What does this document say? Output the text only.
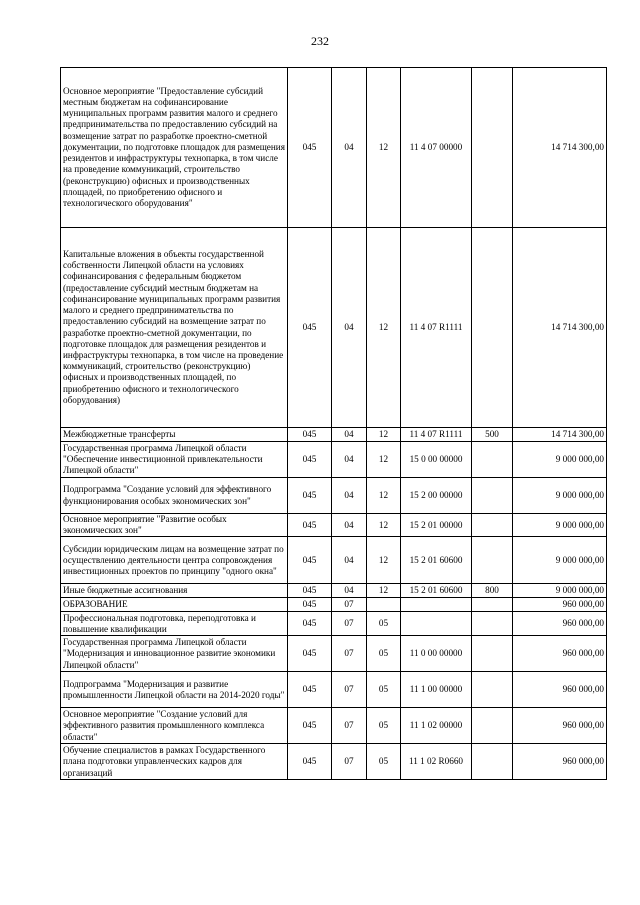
232
Основное мероприятие "Предоставление субсидий местным бюджетам на софинансирование муниципальных программ развития малого и среднего предпринимательства по предоставлению субсидий на возмещение затрат по разработке проектно-сметной документации, по подготовке площадок для размещения резидентов и инфраструктуры технопарка, в том числе на проведение коммуникаций, строительство (реконструкцию) офисных и производственных площадей, по приобретению офисного и технологического оборудования"	045	04	12	11 4 07 00000		14 714 300,00
Капитальные вложения в объекты государственной собственности Липецкой области на условиях софинансирования с федеральным бюджетом (предоставление субсидий местным бюджетам на софинансирование муниципальных программ развития малого и среднего предпринимательства по предоставлению субсидий на возмещение затрат по разработке проектно-сметной документации, по подготовке площадок для размещения резидентов и инфраструктуры технопарка, в том числе на проведение коммуникаций, строительство (реконструкцию) офисных и производственных площадей, по приобретению офисного и технологического оборудования)	045	04	12	11 4 07 R1111		14 714 300,00
Межбюджетные трансферты	045	04	12	11 4 07 R1111	500	14 714 300,00
Государственная программа Липецкой области "Обеспечение инвестиционной привлекательности Липецкой области"	045	04	12	15 0 00 00000		9 000 000,00
Подпрограмма "Создание условий для эффективного функционирования особых экономических зон"	045	04	12	15 2 00 00000		9 000 000,00
Основное мероприятие "Развитие особых экономических зон"	045	04	12	15 2 01 00000		9 000 000,00
Субсидии юридическим лицам на возмещение затрат по осуществлению деятельности центра сопровождения инвестиционных проектов по принципу "одного окна"	045	04	12	15 2 01 60600		9 000 000,00
Иные бюджетные ассигнования	045	04	12	15 2 01 60600	800	9 000 000,00
ОБРАЗОВАНИЕ	045	07				960 000,00
Профессиональная подготовка, переподготовка и повышение квалификации	045	07	05			960 000,00
Государственная программа Липецкой области "Модернизация и инновационное развитие экономики Липецкой области"	045	07	05	11 0 00 00000		960 000,00
Подпрограмма "Модернизация и развитие промышленности Липецкой области на 2014-2020 годы"	045	07	05	11 1 00 00000		960 000,00
Основное мероприятие "Создание условий для эффективного развития промышленного комплекса области"	045	07	05	11 1 02 00000		960 000,00
Обучение специалистов в рамках Государственного плана подготовки управленческих кадров для организаций	045	07	05	11 1 02 R0660		960 000,00
